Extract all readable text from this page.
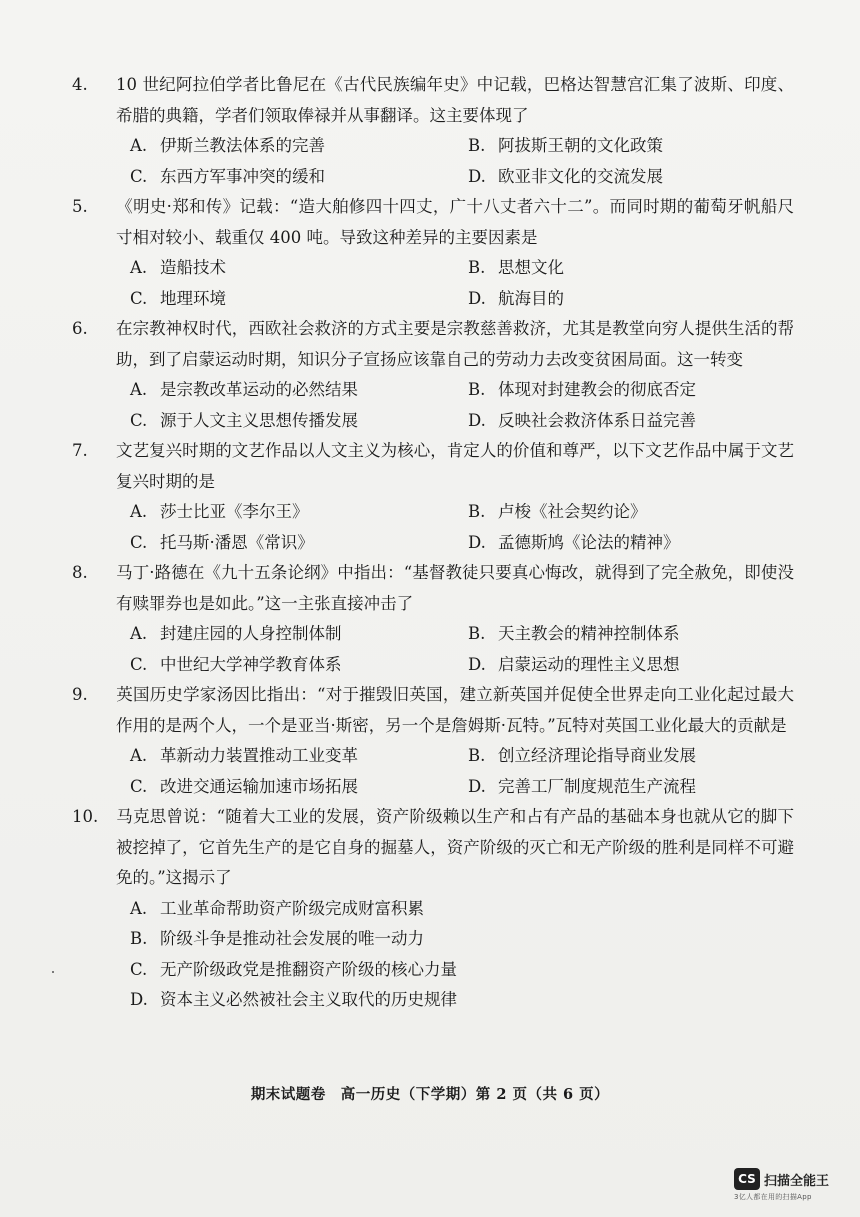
4. 10 世纪阿拉伯学者比鲁尼在《古代民族编年史》中记载，巴格达智慧宫汇集了波斯、印度、希腊的典籍，学者们领取俸禄并从事翻译。这主要体现了

A. 伊斯兰教法体系的完善	B. 阿拔斯王朝的文化政策
C. 东西方军事冲突的缓和	D. 欧亚非文化的交流发展

5. 《明史·郑和传》记载：“造大舶修四十四丈，广十八丈者六十二”。而同时期的葡萄牙帆船尺寸相对较小、载重仅 400 吨。导致这种差异的主要因素是

A. 造船技术	B. 思想文化
C. 地理环境	D. 航海目的

6. 在宗教神权时代，西欧社会救济的方式主要是宗教慈善救济，尤其是教堂向穷人提供生活的帮助，到了启蒙运动时期，知识分子宣扬应该靠自己的劳动力去改变贫困局面。这一转变

A. 是宗教改革运动的必然结果	B. 体现对封建教会的彻底否定
C. 源于人文主义思想传播发展	D. 反映社会救济体系日益完善

7. 文艺复兴时期的文艺作品以人文主义为核心，肯定人的价值和尊严，以下文艺作品中属于文艺复兴时期的是

A. 莎士比亚《李尔王》	B. 卢梭《社会契约论》
C. 托马斯·潘恩《常识》	D. 孟德斯鸠《论法的精神》

8. 马丁·路德在《九十五条论纲》中指出：“基督教徒只要真心悔改，就得到了完全赦免，即使没有赎罪券也是如此。”这一主张直接冲击了

A. 封建庄园的人身控制体制	B. 天主教会的精神控制体系
C. 中世纪大学神学教育体系	D. 启蒙运动的理性主义思想

9. 英国历史学家汤因比指出：“对于摧毁旧英国，建立新英国并促使全世界走向工业化起过最大作用的是两个人，一个是亚当·斯密，另一个是詹姆斯·瓦特。”瓦特对英国工业化最大的贡献是

A. 革新动力装置推动工业变革	B. 创立经济理论指导商业发展
C. 改进交通运输加速市场拓展	D. 完善工厂制度规范生产流程

10. 马克思曾说：“随着大工业的发展，资产阶级赖以生产和占有产品的基础本身也就从它的脚下被挖掉了，它首先生产的是它自身的掘墓人，资产阶级的灭亡和无产阶级的胜利是同样不可避免的。”这揭示了

A. 工业革命帮助资产阶级完成财富积累
B. 阶级斗争是推动社会发展的唯一动力
C. 无产阶级政党是推翻资产阶级的核心力量
D. 资本主义必然被社会主义取代的历史规律
期末试题卷　高一历史（下学期）第 2 页（共 6 页）
CS 扫描全能王
3亿人都在用的扫描App
